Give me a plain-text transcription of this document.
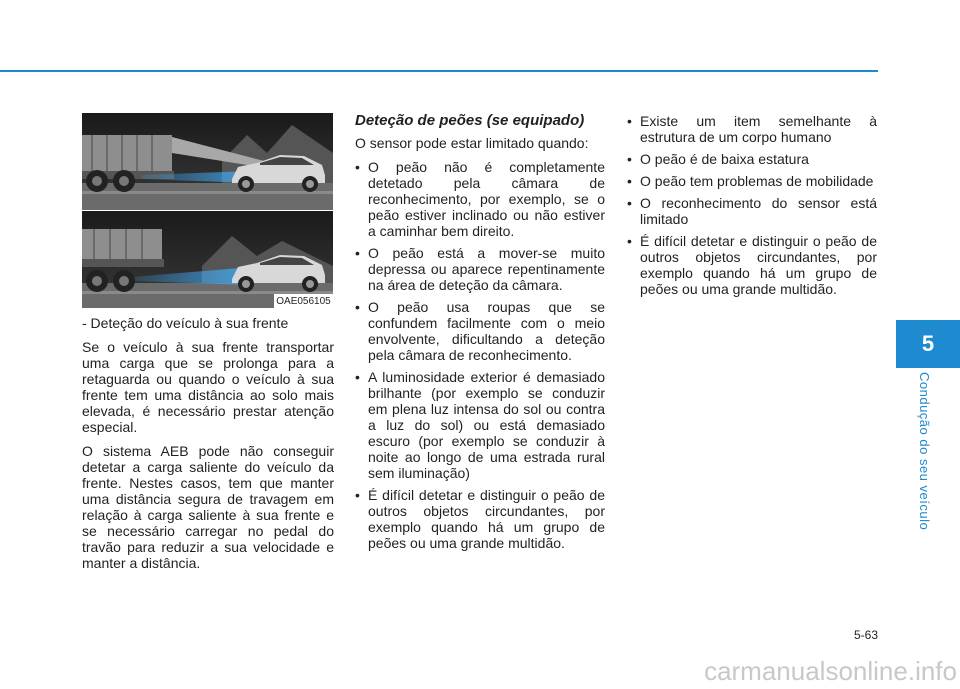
OAE056105

- Deteção do veículo à sua frente

Se o veículo à sua frente transportar uma carga que se prolonga para a retaguarda ou quando o veículo à sua frente tem uma distância ao solo mais elevada, é necessário prestar atenção especial.

O sistema AEB pode não conseguir detetar a carga saliente do veículo da frente. Nestes casos, tem que manter uma distância segura de travagem em relação à carga saliente à sua frente e se necessário carregar no pedal do travão para reduzir a sua velocidade e manter a distância.

Deteção de peões (se equipado)

O sensor pode estar limitado quando:

• O peão não é completamente detetado pela câmara de reconhecimento, por exemplo, se o peão estiver inclinado ou não estiver a caminhar bem direito.
• O peão está a mover-se muito depressa ou aparece repentinamente na área de deteção da câmara.
• O peão usa roupas que se confundem facilmente com o meio envolvente, dificultando a deteção pela câmara de reconhecimento.
• A luminosidade exterior é demasiado brilhante (por exemplo se conduzir em plena luz intensa do sol ou contra a luz do sol) ou está demasiado escuro (por exemplo se conduzir à noite ao longo de uma estrada rural sem iluminação)
• É difícil detetar e distinguir o peão de outros objetos circundantes, por exemplo quando há um grupo de peões ou uma grande multidão.
• Existe um item semelhante à estrutura de um corpo humano
• O peão é de baixa estatura
• O peão tem problemas de mobilidade
• O reconhecimento do sensor está limitado
• É difícil detetar e distinguir o peão de outros objetos circundantes, por exemplo quando há um grupo de peões ou uma grande multidão.
5
Condução do seu veículo
5-63
carmanualsonline.info
